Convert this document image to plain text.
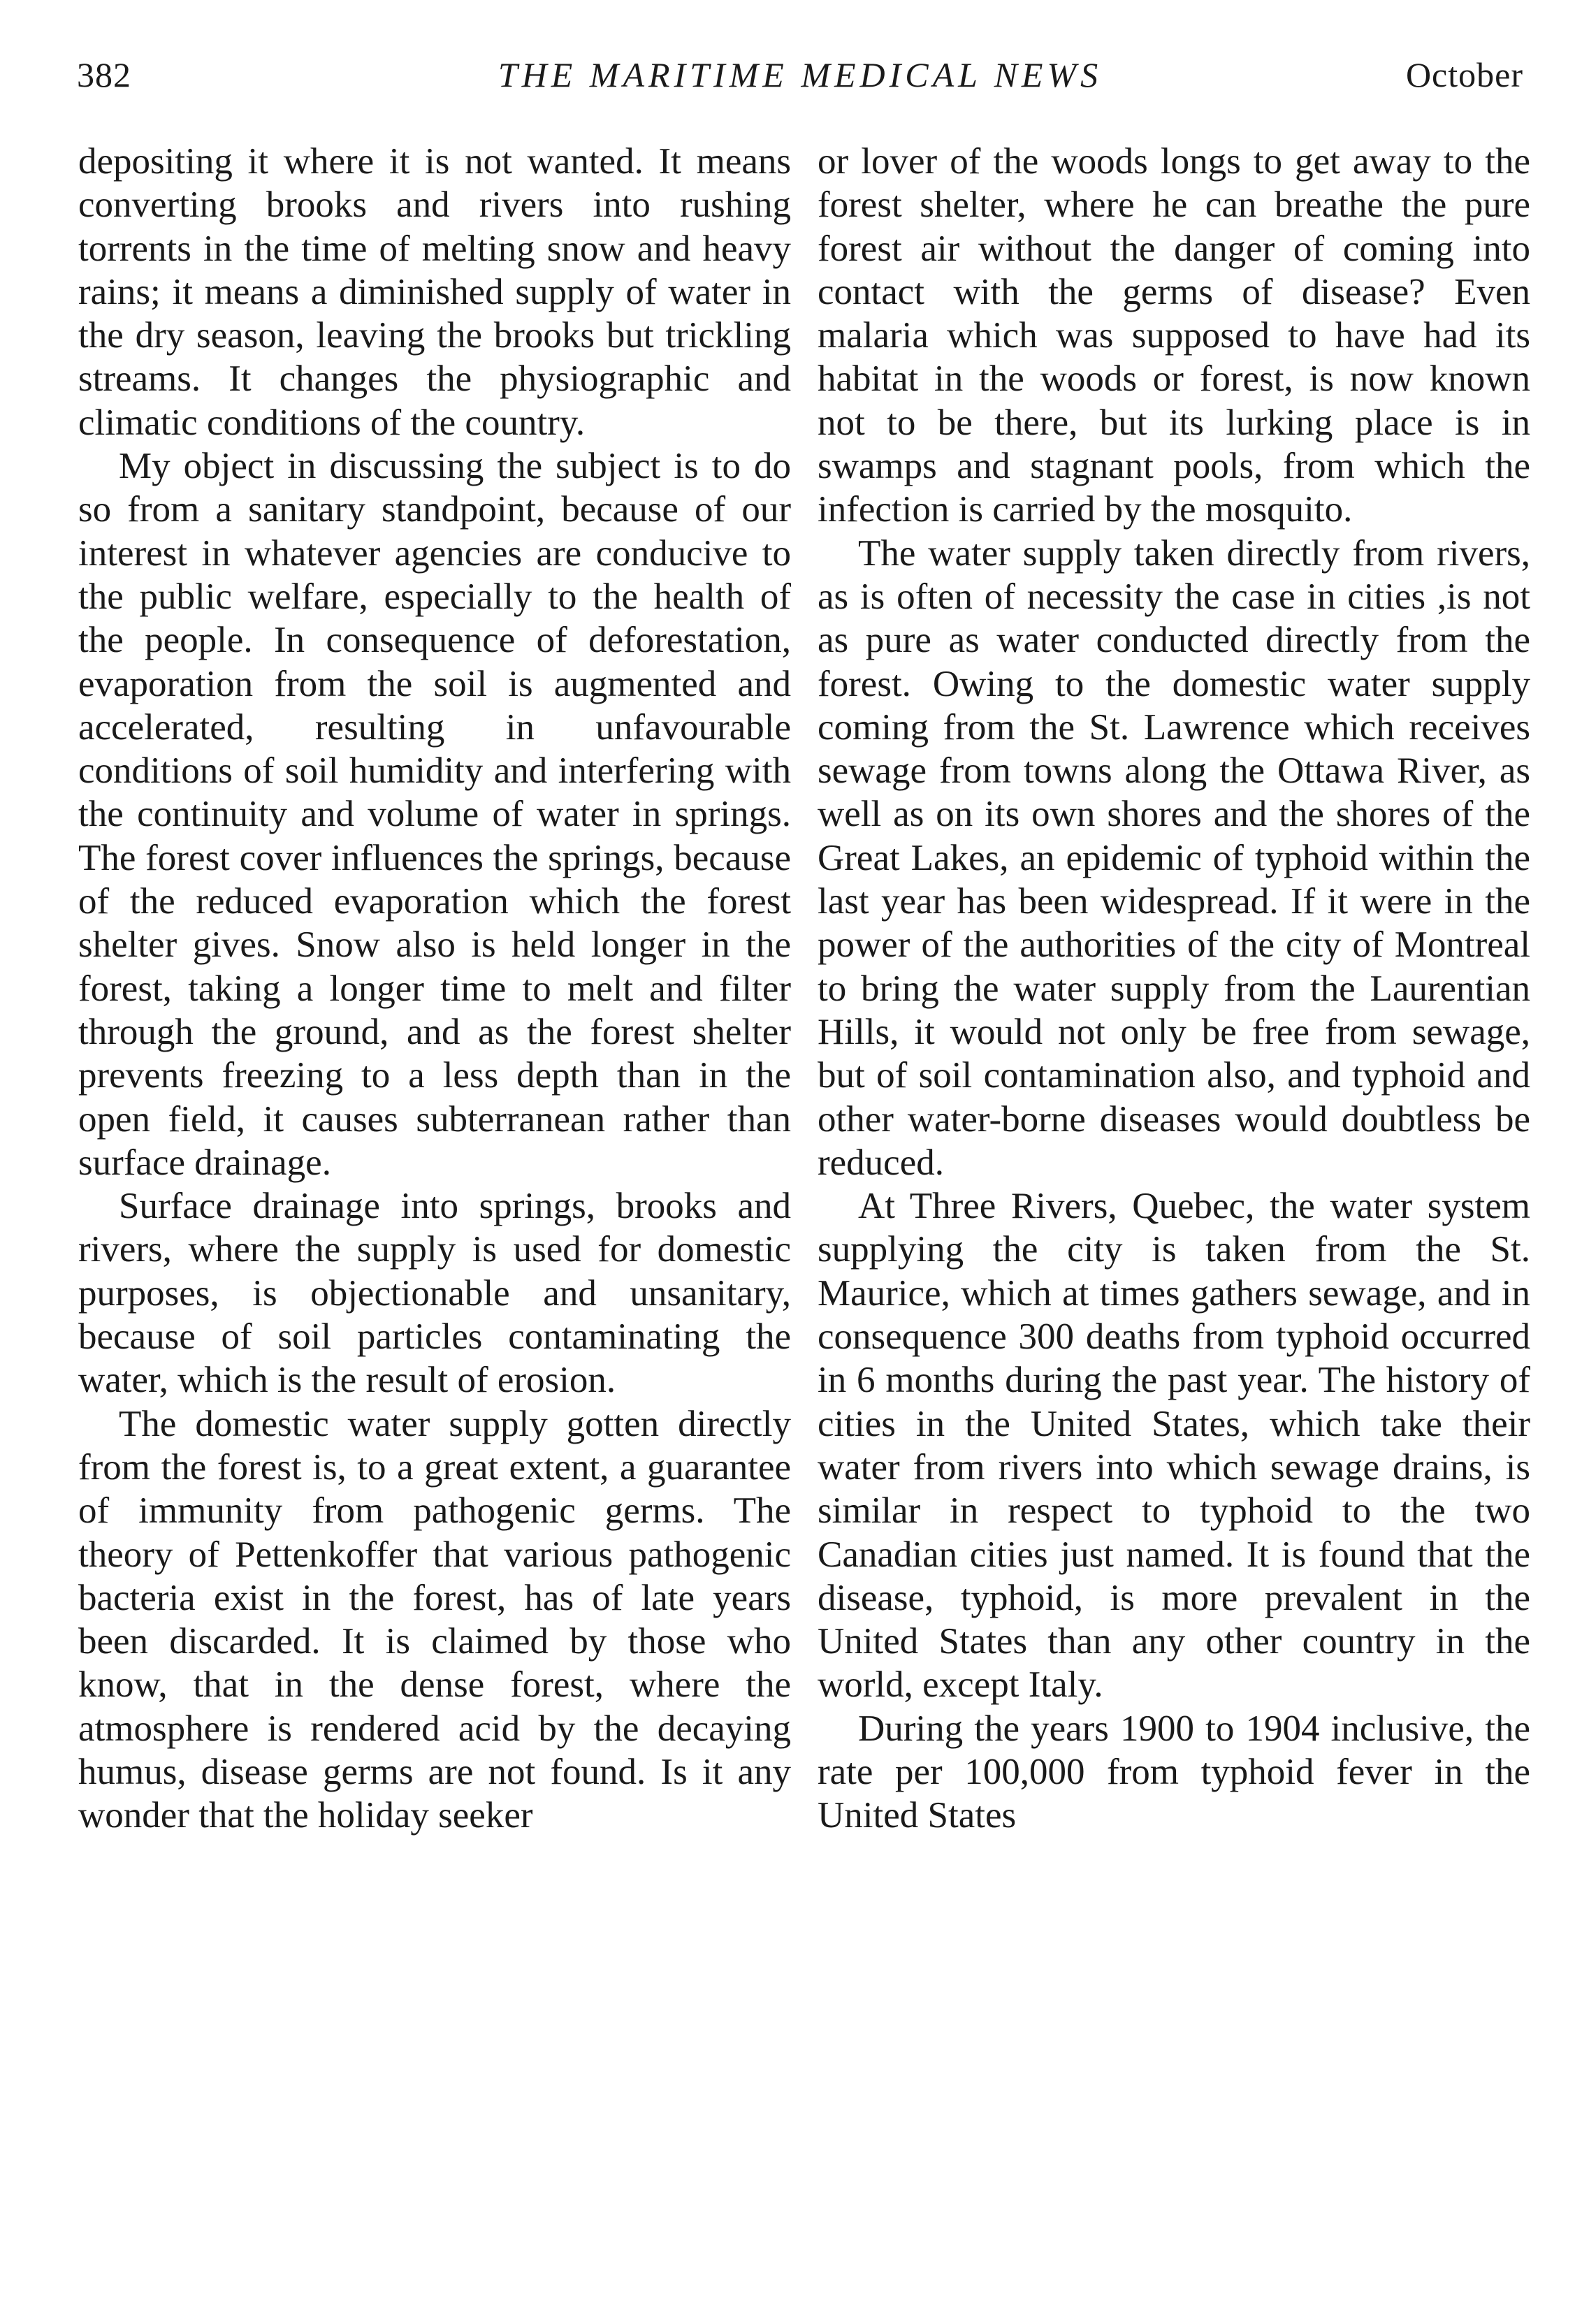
382	THE MARITIME MEDICAL NEWS	October

depositing it where it is not wanted. It means converting brooks and rivers into rushing torrents in the time of melting snow and heavy rains; it means a diminished supply of water in the dry season, leaving the brooks but trickling streams. It changes the physiographic and climatic conditions of the country.

My object in discussing the subject is to do so from a sanitary standpoint, because of our interest in whatever agencies are conducive to the public welfare, especially to the health of the people. In consequence of deforestation, evaporation from the soil is augmented and accelerated, resulting in unfavourable conditions of soil humidity and interfering with the continuity and volume of water in springs. The forest cover influences the springs, because of the reduced evaporation which the forest shelter gives. Snow also is held longer in the forest, taking a longer time to melt and filter through the ground, and as the forest shelter prevents freezing to a less depth than in the open field, it causes subterranean rather than surface drainage.

Surface drainage into springs, brooks and rivers, where the supply is used for domestic purposes, is objectionable and unsanitary, because of soil particles contaminating the water, which is the result of erosion.

The domestic water supply gotten directly from the forest is, to a great extent, a guarantee of immunity from pathogenic germs. The theory of Pettenkoffer that various pathogenic bacteria exist in the forest, has of late years been discarded. It is claimed by those who know, that in the dense forest, where the atmosphere is rendered acid by the decaying humus, disease germs are not found. Is it any wonder that the holiday seeker

or lover of the woods longs to get away to the forest shelter, where he can breathe the pure forest air without the danger of coming into contact with the germs of disease? Even malaria which was supposed to have had its habitat in the woods or forest, is now known not to be there, but its lurking place is in swamps and stagnant pools, from which the infection is carried by the mosquito.

The water supply taken directly from rivers, as is often of necessity the case in cities ,is not as pure as water conducted directly from the forest. Owing to the domestic water supply coming from the St. Lawrence which receives sewage from towns along the Ottawa River, as well as on its own shores and the shores of the Great Lakes, an epidemic of typhoid within the last year has been widespread. If it were in the power of the authorities of the city of Montreal to bring the water supply from the Laurentian Hills, it would not only be free from sewage, but of soil contamination also, and typhoid and other water-borne diseases would doubtless be reduced.

At Three Rivers, Quebec, the water system supplying the city is taken from the St. Maurice, which at times gathers sewage, and in consequence 300 deaths from typhoid occurred in 6 months during the past year. The history of cities in the United States, which take their water from rivers into which sewage drains, is similar in respect to typhoid to the two Canadian cities just named. It is found that the disease, typhoid, is more prevalent in the United States than any other country in the world, except Italy.

During the years 1900 to 1904 inclusive, the rate per 100,000 from typhoid fever in the United States
